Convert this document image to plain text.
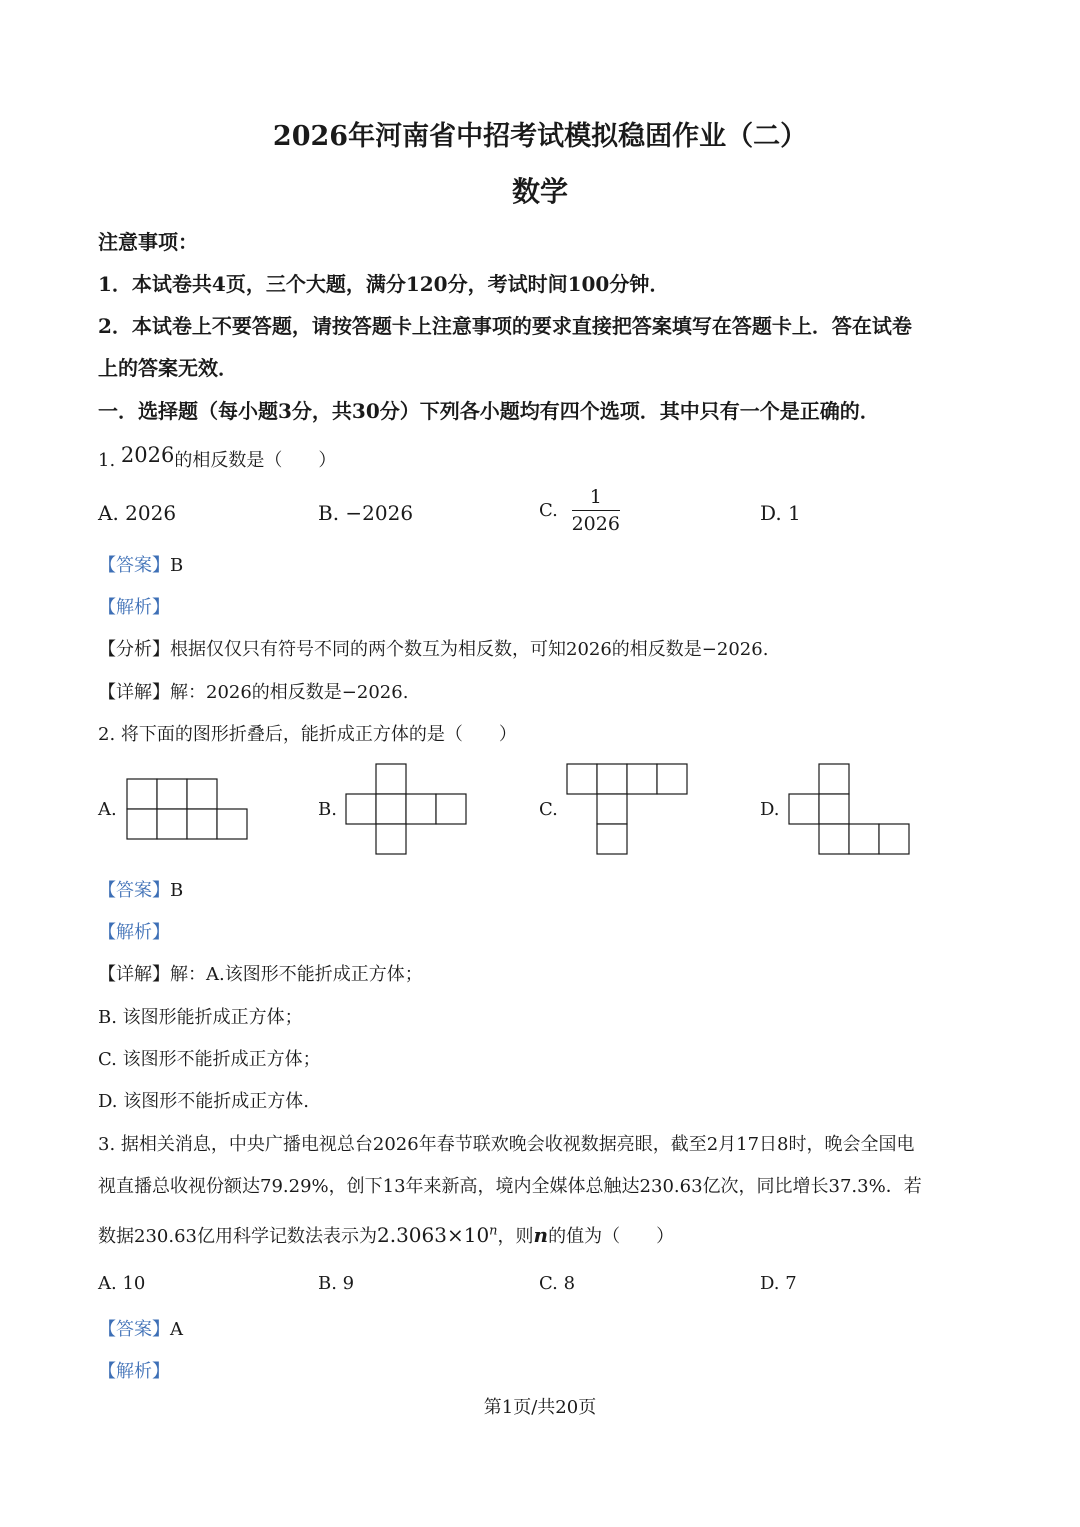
2026年河南省中招考试模拟稳固作业（二）
数学
注意事项：
1．本试卷共4页，三个大题，满分120分，考试时间100分钟．
2．本试卷上不要答题，请按答题卡上注意事项的要求直接把答案填写在答题卡上．答在试卷
上的答案无效．
一．选择题（每小题3分，共30分）下列各小题均有四个选项．其中只有一个是正确的．
1. 2026的相反数是（　　）
A. 2026	B. −2026	C. $\frac{1}{2026}$	D. 1
【答案】B
【解析】
【分析】根据仅仅只有符号不同的两个数互为相反数，可知2026的相反数是−2026.
【详解】解：2026的相反数是−2026.
2. 将下面的图形折叠后，能折成正方体的是（　　）
A.	B.	C.	D.
【答案】B
【解析】
【详解】解：A.该图形不能折成正方体；
B. 该图形能折成正方体；
C. 该图形不能折成正方体；
D. 该图形不能折成正方体.
3. 据相关消息，中央广播电视总台2026年春节联欢晚会收视数据亮眼，截至2月17日8时，晚会全国电
视直播总收视份额达79.29%，创下13年来新高，境内全媒体总触达230.63亿次，同比增长37.3%．若
数据230.63亿用科学记数法表示为$2.3063\times 10^n$，则n的值为（　　）
A. 10	B. 9	C. 8	D. 7
【答案】A
【解析】
第1页/共20页
